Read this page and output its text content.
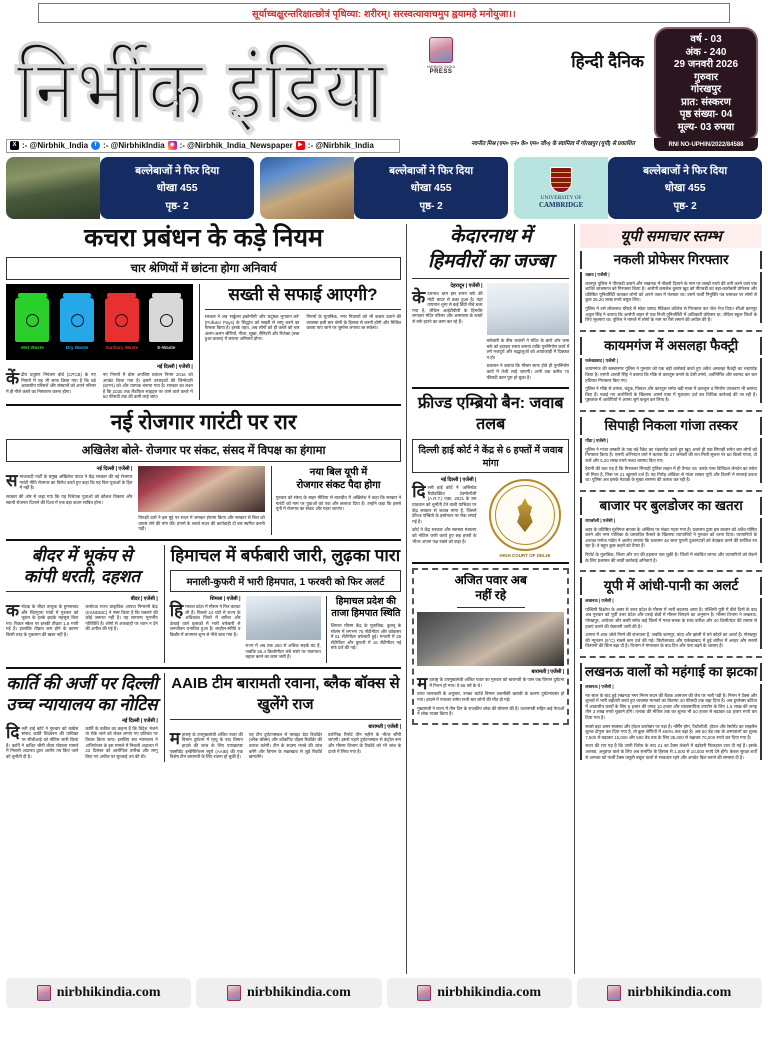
सूर्याच्चक्षुरन्तरिक्षात्छोत्रं पृथिव्या: शरीरम्। सरस्वत्यावाचमुप ह्वयामहे मनोयुजा।।
निर्भीक इंडिया	हिन्दी दैनिक
NIRBHIK INDIA
PRESS
वर्ष - 03
अंक - 240
29 जनवरी 2026
गुरुवार
गोरखपुर
प्रात: संस्करण
पृष्ठ संख्या- 04
मूल्य- 03 रुपया
X :- @Nirbhik_India	f :- @NirbhikIndia ◉ :- @Nirbhik_India_Newspaper ▶ :- @Nirbhik_India	नवनीत मिश्र (एम० एन० के० एम० जी०) के स्वामित्व में गोरखपुर (यूपी) से प्रकाशित	RNI NO-UPHIN/2022/84588
बल्लेबाजों ने फिर दिया
धोखा 455
पृष्ठ- 2
बल्लेबाजों ने फिर दिया
धोखा 455
पृष्ठ- 2
UNIVERSITY OF
CAMBRIDGE
बल्लेबाजों ने फिर दिया
धोखा 455
पृष्ठ- 2
कचरा प्रबंधन के कड़े नियम
चार श्रेणियों में छांटना होगा अनिवार्य
Wet Waste	Dry Waste	Sanitary Waste	E-Waste
नई दिल्ली | एजेंसी |

केंद्रीय प्रदूषण नियंत्रण बोर्ड (CPCB) के नए नियमों में यह भी साफ किया गया है कि बड़े आवासीय परिसरों और संस्थानों को अपने परिसर में ही गीले कचरे का निस्तारण करना होगा।

नए नियमों में ठोस अपशिष्ट प्रबंधन नियम 2016 को अपडेट किया गया है। इसमें उत्पादकों की जिम्मेदारी (EPR) को और व्यापक बनाया गया है। सरकार का लक्ष्य है कि 2030 तक लैंडफिल साइट्स पर जाने वाले कचरे में 50 फीसदी तक की कमी लाई जाए।

सख्ती से सफाई आएगी?

सरकार ने अब 'सर्कुलर इकोनॉमी' और 'प्रदूषक भुगतान करे' (Polluter Pays) के सिद्धांत को सख्ती से लागू करने का फैसला किया है। इसके तहत, अब लोगों को ही कचरे को चार अलग-अलग श्रेणियों, गीला, सूखा, सैनिटरी और रिजेक्ट (बचा हुआ कचरा) में छांटना अनिवार्य होगा।

नियमों के मुताबिक, नगर निकायों को भी कचरा उठाने की व्यवस्था इसी चार श्रेणी के हिसाब से करनी होगी और मिश्रित कचरा पाए जाने पर जुर्माना लगाया जा सकेगा।

नई रोजगार गारंटी पर रार
अखिलेश बोले- रोजगार पर संकट, संसद में विपक्ष का हंगामा
नई दिल्ली | एजेंसी |

समाजवादी पार्टी के प्रमुख अखिलेश यादव ने केंद्र सरकार की नई रोजगार गारंटी नीति रोजगार का विरोध करते हुए कहा कि यह बिल युवाओं के हित में नहीं है।

सरकार की ओर से कहा गया कि यह विधेयक युवाओं को कौशल विकास और स्थायी रोजगार दिलाने की दिशा में एक बड़ा कदम साबित होगा।

विपक्षी दलों ने इस मुद्दे पर सदन में जमकर हंगामा किया और सरकार से बिल को वापस लेने की मांग की। हंगामे के चलते सदन की कार्यवाही दो बार स्थगित करनी पड़ी।

नया बिल यूपी में
रोजगार संकट पैदा होगा

गुरुवार को संसद के बाहर मीडिया से बातचीत में अखिलेश ने कहा कि सरकार ने गारंटी को नाम पर युवाओं को एक और छलावा दिया है। उन्होंने कहा कि इससे यूपी में रोजगार का संकट और गहरा जाएगा।

बीदर में भूकंप से
कांपी धरती, दहशत
बीदर | एजेंसी |

कर्नाटक के बीदर तालुक के हुमनाबाद और चिटगुप्पा गांवों में गुरुवार को भूकंप के हल्के झटके महसूस किए गए। रिक्टर स्केल पर इसकी तीव्रता 1.8 मापी गई है। हालांकि तीव्रता कम होने के कारण किसी तरह के नुकसान की खबर नहीं है।

कर्नाटक राज्य प्राकृतिक आपदा निगरानी केंद्र (KSNDMC) ने स्पष्ट किया है कि घबराने की कोई जरूरत नहीं है। यह सामान्य भूगर्भीय गतिविधि है। लोगों से अफवाहों पर ध्यान न देने की अपील की गई है।

हिमाचल में बर्फबारी जारी, लुढ़का पारा
मनाली-कुफरी में भारी हिमपात, 1 फरवरी को फिर अलर्ट
शिमला | एजेंसी |

हिमाचल प्रदेश में मौसम ने फिर करवट ली है। पिछले 24 घंटों में राज्य के अधिकांश जिलों में बारिश और ऊंचाई वाले इलाकों में भारी बर्फबारी से जनजीवन प्रभावित हुआ है। लाहौल-स्पीति व किन्नौर में तापमान शून्य से नीचे चला गया है।

राज्य में अब तक 250 से अधिक सड़कें बंद हैं, जबकि 55.4 किलोमीटर लंबे रास्ते पर यातायात बहाल करने का काम जारी है।

हिमाचल प्रदेश की
ताजा हिमपात स्थिति

शिमला मौसम केंद्र के मुताबिक, कुल्लू के सोलंग में लगभग 75 सेंटीमीटर और कोकसर में 51 सेंटीमीटर बर्फबारी हुई। मनाली में 28 सेंटीमीटर और कुफरी में 16 सेंटीमीटर नई बर्फ दर्ज की गई।

कार्ति की अर्जी पर दिल्ली
उच्च न्यायालय का नोटिस
नई दिल्ली | एजेंसी |

दिल्ली हाई कोर्ट ने गुरुवार को कांग्रेस सांसद कार्ति चिदंबरम की याचिका पर सीबीआई को नोटिस जारी किया है। कार्ति ने कथित चीनी वीजा घोटाला मामले में निचली अदालत द्वारा आरोप तय किए जाने को चुनौती दी है।

कार्ति के वकील का कहना है कि विदेश भेजने या रोके जाने को लेकर लगाए गए प्रतिबंध पर विचार किया जाए। इसलिए सत्र न्यायालय ने अभियोजन के इस मामले में निचली अदालत में 23 दिसंबर को आरोपित्व तारीख और लागू किए गए अपील पर सुनवाई तय की थी।

AAIB टीम बारामती रवाना, ब्लैक बॉक्स से खुलेंगे राज
बारामती | एजेंसी |

महाराष्ट्र के उपमुख्यमंत्री अजित पवार की विमान दुर्घटना में मृत्यु के बाद विमान हादसे की जांच के लिए एयरक्राफ्ट एक्सीडेंट इन्वेस्टिगेशन ब्यूरो (AAIB) की एक विशेष टीम बारामती के लिए रवाना हो चुकी है।

यह टीम दुर्घटनास्थल से फ्लाइट डेटा रिकॉर्डर (ब्लैक बॉक्स) और कॉकपिट वॉइस रिकॉर्डर की तलाश करेगी। टीम के सदस्य मलबे की जांच करेंगे और विमान के रखरखाव से जुड़े रिकॉर्ड खंगालेंगे।

प्रारंभिक रिपोर्ट तीन महीने के भीतर सौंपी जाएगी। इससे पहले दुर्घटनास्थल से कंट्रोल रूम और मौसम विभाग के रिकॉर्ड को भी जांच के दायरे में लिया गया है।

केदारनाथ में
हिमवीरों का जज्बा
देहरादून | एजेंसी |

केदारनाथ धाम इस समय बर्फ की मोटी चादर से ढका हुआ है। यहां तापमान शून्य से कई डिग्री नीचे चला गया है, लेकिन आईटीबीपी के हिमवीर लगातार मंदिर परिसर और आसपास के रास्तों से बर्फ हटाने का काम कर रहे हैं।

बर्फबारी के बीच जवानों ने मंदिर के चारों ओर जमा बर्फ को हटाकर रास्ता बनाया ताकि पुनर्निर्माण कार्य में लगे मजदूरों और श्रद्धालुओं को आवाजाही में दिक्कत न हो।

प्रशासन ने बताया कि मौसम साफ होते ही पुनर्निर्माण कार्य में तेजी लाई जाएगी। अभी तक करीब 70 फीसदी काम पूरा हो चुका है।

फ्रीज्ड एम्ब्रियो बैन: जवाब तलब
दिल्ली हाई कोर्ट ने केंद्र से 6 हफ्तों में जवाब मांगा
नई दिल्ली | एजेंसी |

दिल्ली हाई कोर्ट ने 'असिस्टेड रिप्रोडक्टिव टेक्नोलॉजी (A.R.T.) एक्ट, 2021 के उस प्रावधान को चुनौती देने वाली याचिका पर केंद्र सरकार से जवाब मांगा है, जिसमें फ्रीज्ड एम्ब्रियो के इस्तेमाल पर रोक लगाई गई है।

कोर्ट ने केंद्र सरकार और स्वास्थ्य मंत्रालय को नोटिस जारी करते हुए छह हफ्तों के भीतर अपना पक्ष रखने को कहा है।

HIGH COURT OF DELHI
अजित पवार अब
नहीं रहे
बारामती | एजेंसी |

महाराष्ट्र के उपमुख्यमंत्री अजित पवार का गुरुवार को बारामती के पास एक विमान दुर्घटना में निधन हो गया। वे 66 वर्ष के थे।

प्राप्त जानकारी के अनुसार, उनका चार्टर्ड विमान तकनीकी खराबी के कारण दुर्घटनाग्रस्त हो गया। हादसे में पायलट समेत सभी चार लोगों की मौत हो गई।

मुख्यमंत्री ने राज्य में तीन दिन के राजकीय शोक की घोषणा की है। प्रधानमंत्री सहित कई नेताओं ने शोक व्यक्त किया है।

यूपी समाचार स्तम्भ
नकली प्रोफेसर गिरफ्तार

उन्नाव | एजेंसी |

कानपुर पुलिस ने पीएचडी कराने और लखनऊ में नौकरी दिलाने के नाम पर लाखों रुपये की ठगी करने वाले एक शातिर जालसाज को गिरफ्तार किया है। आरोपी कमलेश कुमार खुद को पीएचडी का बड़ा-कारोबारी प्रोफेसर और प्रतिष्ठित यूनिवर्सिटी बताकर लोगों को अपने जाल में फंसाता था। उसने फर्जी नियुक्ति पत्र थमाकर पर लोगों से कुल 35.20 लाख रुपये वसूल लिए।

पुलिस ने उसे लोकनाथ चौराहे से स्वेता प्रसाद मेडिकल कॉलेज से गिरफ्तार कर जेल भेज दिया। सीओ कानपुर अतुल सिंह ने बताया कि आरोपी बाहर से एक निजी यूनिवर्सिटी में अधिकारी प्रोफेसर था, लेकिन स्कूल जिलों के लिए सूचनाएं था। पुलिस ने मामले में लोगों के नाम पर पैसे लगाने की अपील की है।

कायमगंज में असलहा फैक्ट्री

फर्रुखाबाद | एजेंसी |

कायमगंज की कस्बानगर पुलिस ने गुरुवार को एक बड़ी कार्रवाई करते हुए अवैध असलहा फैक्ट्री का भंडाफोड़ किया है। एसपी आरती सिंह ने बताया कि मौके से कारतूस बनाने के देसी तमंचे, अर्धनिर्मित और बरामद कर चार हथियार गिरफ्तार किए गए।

पुलिस ने मौके से तमंचा, बंदूक, पिस्टल और कारतूस समेत बड़ी मात्रा में कारतूस व निर्माण उपकरण भी बरामद किए हैं। पकड़े गए आरोपियों के खिलाफ आर्म्स एक्ट में मुकदमा दर्ज कर विधिक कार्रवाई की जा रही है। पूछताछ में आरोपियों ने अपना जुर्म कबूल कर लिया है।

सिपाही निकला गांजा तस्कर

गोंडा | एजेंसी |

पुलिस ने गांजा तस्करी के एक बड़े रैकेट का भंडाफोड़ करते हुए खुद अपने ही एक सिपाही समेत चार लोगों को गिरफ्तार किया है। एसपी अभिनंदन वर्मा ने बताया कि 27 जनवरी की रात मिली सूचना पर 60 किलो गांजा, दो कारें और 5.20 लाख रुपये नकद बरामद किए गए।

हैरानी की बात यह है कि गिरफ्तार सिपाही पुलिस लाइन में ही तैनात था। उसके पास डिजिटल लेनदेन का ब्योरा भी मिला है, जिस पर 21 खुलासे दर्ज हैं। यह गिरोह ओडिशा से गांजा लाकर यूपी और दिल्ली में सप्लाई करता था। पुलिस अब इसके नेटवर्क के मुख्य सरगना की तलाश कर रही है।

बाजार पर बुलडोजर का खतरा

रायबरेली | एजेंसी |

शहर के प्रतिष्ठित मुंशीगंज बाजार के अस्तित्व पर संकट गहरा गया है। प्रशासन द्वारा इस बाजार को अवैध घोषित करने और नगर पालिका के प्रस्तावित फैसले के खिलाफ व्यापारियों ने गुरुवार को धरना दिया। व्यापारियों के अध्यक्ष मनोज पांडेय ने आरोप लगाया कि प्रशासन 48 साल पुरानी दुकानदारों को बेदखल करने की साजिश रच रहा है। वे बहुत कुछ कहने को तैयार हैं।

रिपोर्ट के मुताबिक, जिला और तय की हड़ताल चल चुकी है। जिलों में संबंधित लागत और व्यापारियों को रोकने के लिए प्रशासन की लाठी कार्रवाई अनिवार्य है।

यूपी में आंधी-पानी का अलर्ट

लखनऊ | एजेंसी |

पश्चिमी विक्षोभ के असर से उत्तर प्रदेश के मौसम में भारी बदलाव आया है। पश्चिमी यूपी में बीते दिनों के बाद अब गुरुवार को पूर्वी उत्तर प्रदेश और तराई क्षेत्रों में मौसम बिगड़ने का अनुमान है। मौसम विभाग ने लखनऊ, गोरखपुर, अयोध्या और बस्ती समेत कई जिलों में गरज-चमक के साथ बारिश और 40 किमी/घंटा की रफ्तार से हवाएं चलने की चेतावनी जारी की है।

आगरा में आठ ओले गिरने की संभावना है, जबकि कानपुर, बांदा और झांसी में घने कोहरे का अलर्ट है। गोरखपुर की न्यूनतम (6°C) सबसे कम दर्ज की गई। फिरोजाबाद और फर्रुखाबाद में हुई बारिश में अरहर और सरसों किसानों की चिंता बढ़ा दी है। विभाग ने मंगलवार के बाद दिन और पारा बढ़ने के आसार हैं।

लखनऊ वालों को महंगाई का झटका

लखनऊ | एजेंसी |

नए साल के बाद हुई लखनऊ नगर निगम सदन की बैठक आमजन की जेब पर भारी पड़ी है। निगम ने टैक्स और शुल्कों में भारी बढ़ोतरी करते हुए व्यवस्था मानकों का किराया 40 फीसदी तक बढ़ा दिया है। अब डुप्लेक्स कॉटेज में आवासीय कार्यों के लिए 5 हजार की जगह 10 हजार और व्यावसायिक उपयोग के लिए 1.5 लाख की जगह तीन 3 लाख रुपये चुकाने होंगे। तलाक की मंजिल तक का शुल्क भी 50 हजार से बढ़ाकर 65 हजार रुपये कर दिया गया है।

सबसे बड़ा असर स्वास्थ्य और होटल कारोबार पर पड़ा है। नर्सिंग होम, पैथोलॉजी, होटल और रेस्टोरेंट का लाइसेंस शुल्क दोगुना कर दिया गया है, तो कुछ श्रेणियों में 400% तक बढ़ा है। अब 50 बेड तक के अस्पतालों का शुल्क 7,500 से बढ़ाकर 15,000 और 500 बेड तक के लिए 35,000 से बढ़ाकर 70,000 रुपये कर दिया गया है।

सदन की राय यह है कि जानी विरोध के बाद 21 का टैक्स लेकरों में बढ़ोतरी फिलहाल टाल दी गई है। इसके अलावा, अनुज्ञप्त वाले के लिए अब समर्पित के हिसाब से 1,000 से 10,000 रुपये देने होंगे। केबल सुरक्षा शर्तों से अन्यथा को फर्जी टैक्स वसूली वसूल वालों से सावधान रहने और अपडेट बिल बनाने की समस्या दी है।

nirbhikindia.com	nirbhikindia.com	nirbhikindia.com	nirbhikindia.com
